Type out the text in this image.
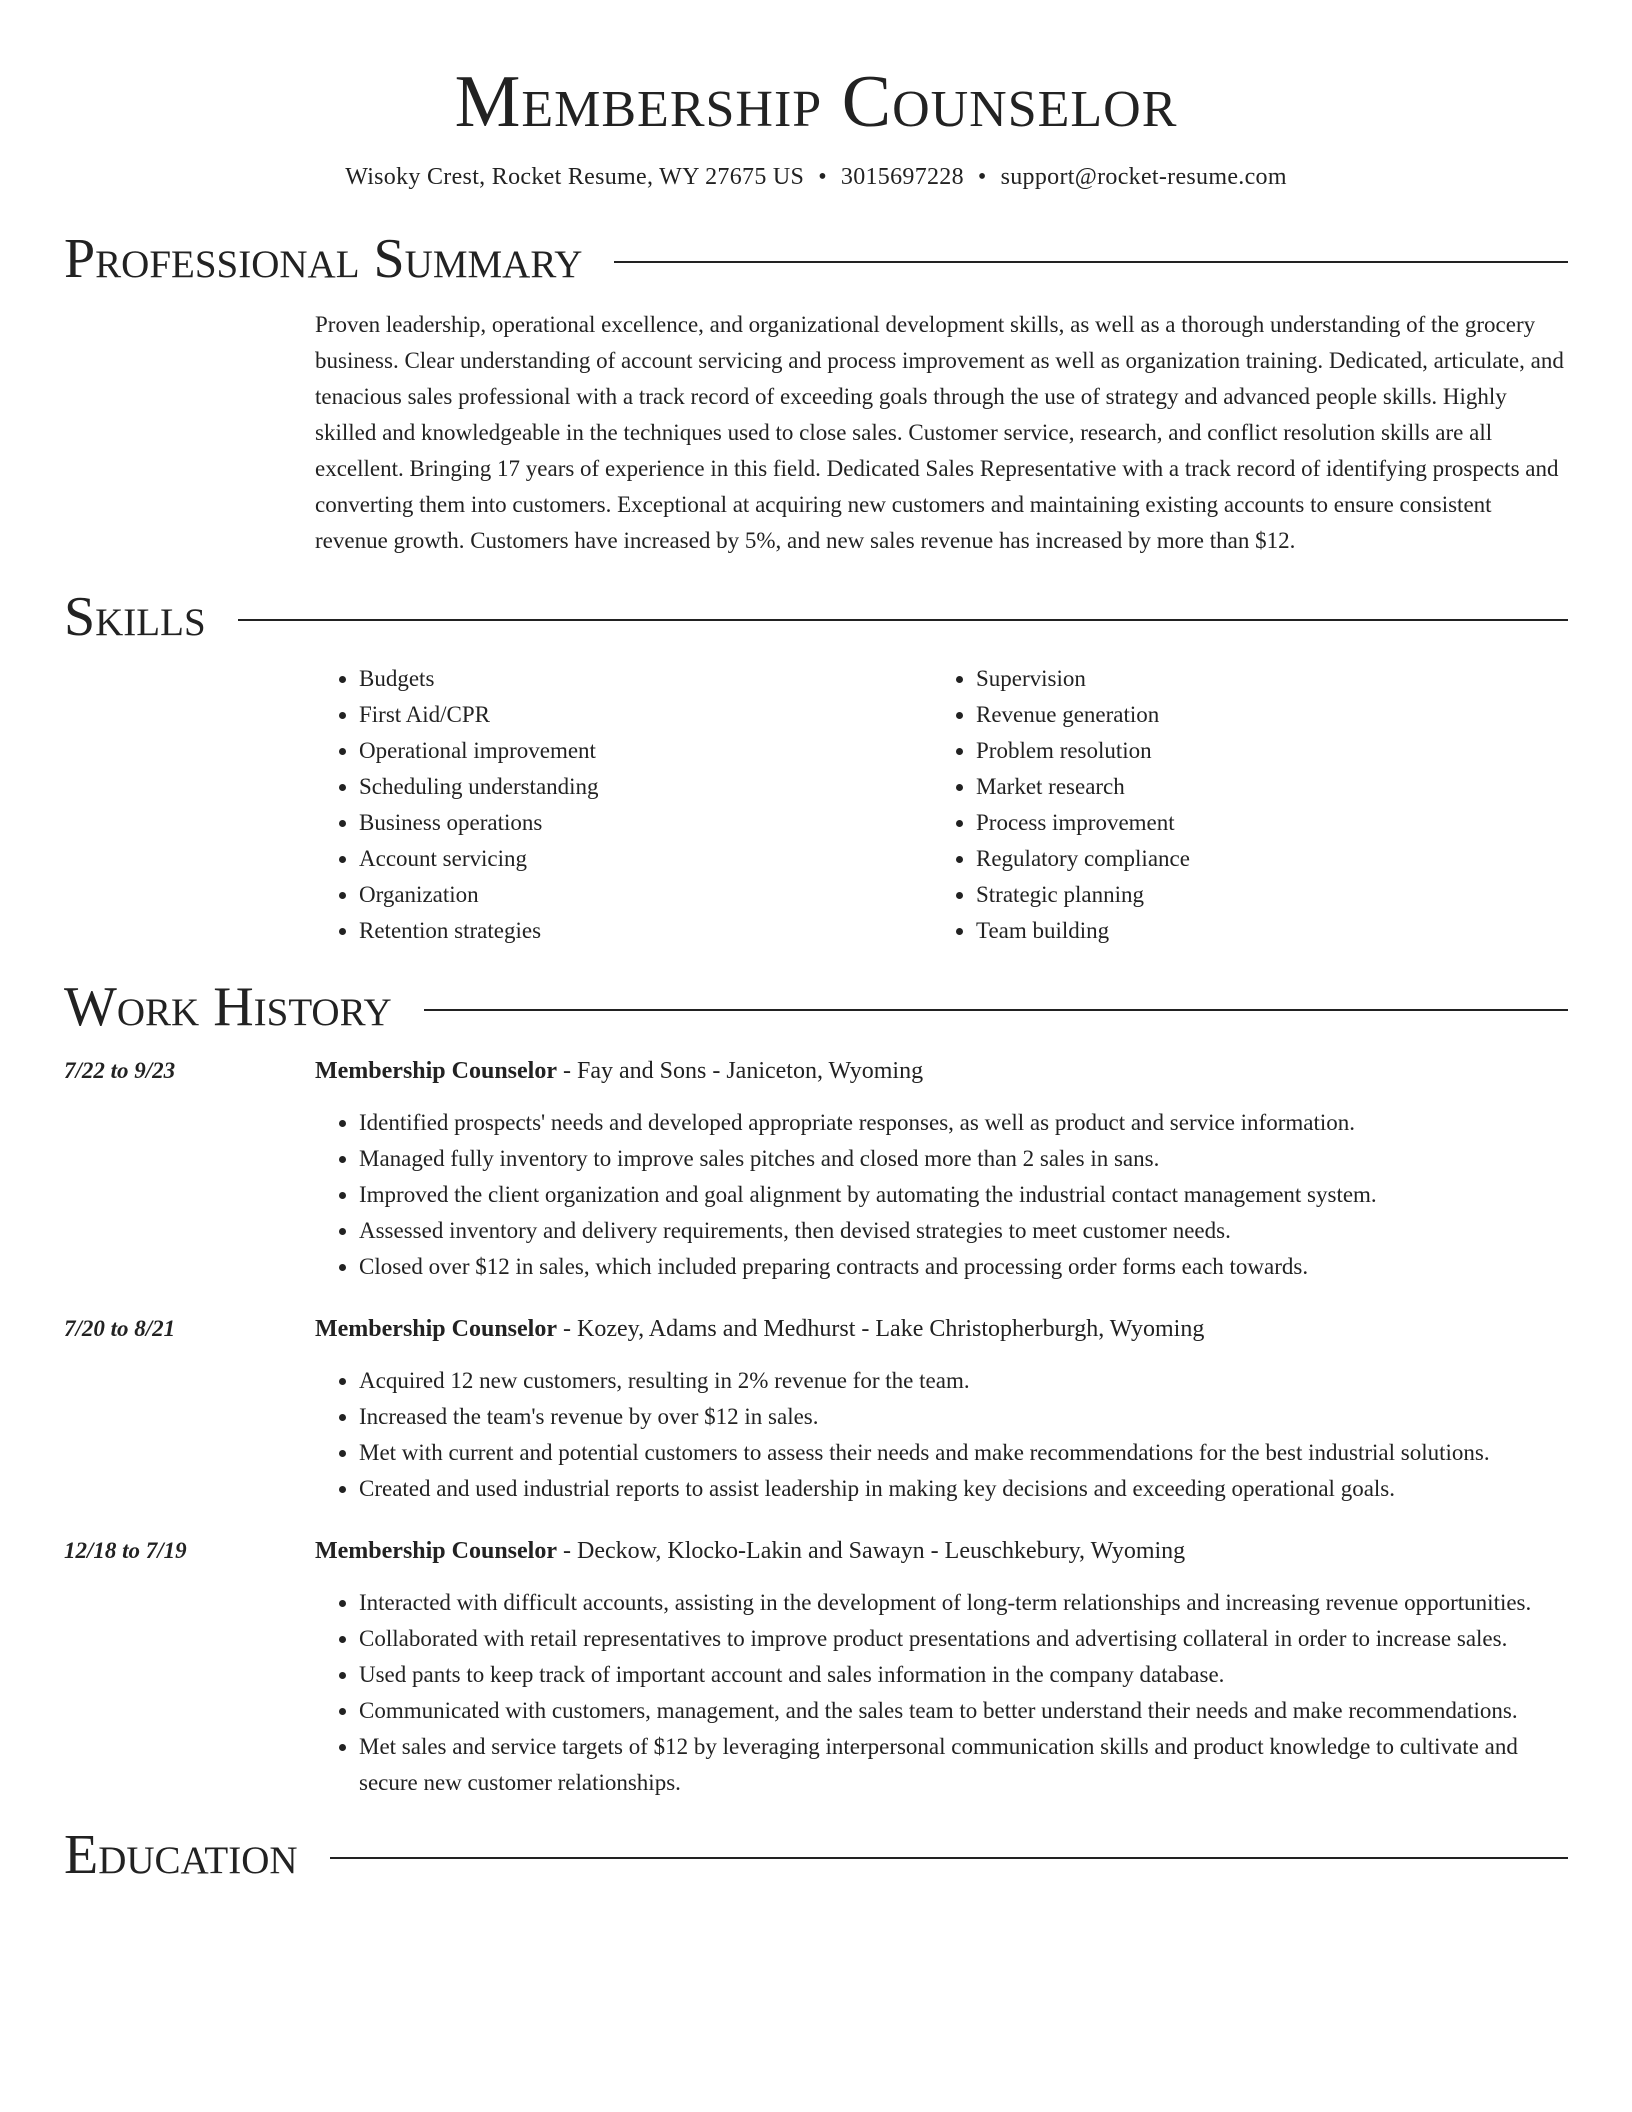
Membership Counselor
Wisoky Crest, Rocket Resume, WY 27675 US • 3015697228 • support@rocket-resume.com
Professional Summary

Proven leadership, operational excellence, and organizational development skills, as well as a thorough understanding of the grocery business. Clear understanding of account servicing and process improvement as well as organization training. Dedicated, articulate, and tenacious sales professional with a track record of exceeding goals through the use of strategy and advanced people skills. Highly skilled and knowledgeable in the techniques used to close sales. Customer service, research, and conflict resolution skills are all excellent. Bringing 17 years of experience in this field. Dedicated Sales Representative with a track record of identifying prospects and converting them into customers. Exceptional at acquiring new customers and maintaining existing accounts to ensure consistent revenue growth. Customers have increased by 5%, and new sales revenue has increased by more than $12.

Skills
• Budgets
• First Aid/CPR
• Operational improvement
• Scheduling understanding
• Business operations
• Account servicing
• Organization
• Retention strategies
• Supervision
• Revenue generation
• Problem resolution
• Market research
• Process improvement
• Regulatory compliance
• Strategic planning
• Team building
Work History
7/22 to 9/23	Membership Counselor - Fay and Sons - Janiceton, Wyoming
• Identified prospects' needs and developed appropriate responses, as well as product and service information.
• Managed fully inventory to improve sales pitches and closed more than 2 sales in sans.
• Improved the client organization and goal alignment by automating the industrial contact management system.
• Assessed inventory and delivery requirements, then devised strategies to meet customer needs.
• Closed over $12 in sales, which included preparing contracts and processing order forms each towards.
7/20 to 8/21	Membership Counselor - Kozey, Adams and Medhurst - Lake Christopherburgh, Wyoming
• Acquired 12 new customers, resulting in 2% revenue for the team.
• Increased the team's revenue by over $12 in sales.
• Met with current and potential customers to assess their needs and make recommendations for the best industrial solutions.
• Created and used industrial reports to assist leadership in making key decisions and exceeding operational goals.
12/18 to 7/19	Membership Counselor - Deckow, Klocko-Lakin and Sawayn - Leuschkebury, Wyoming
• Interacted with difficult accounts, assisting in the development of long-term relationships and increasing revenue opportunities.
• Collaborated with retail representatives to improve product presentations and advertising collateral in order to increase sales.
• Used pants to keep track of important account and sales information in the company database.
• Communicated with customers, management, and the sales team to better understand their needs and make recommendations.
• Met sales and service targets of $12 by leveraging interpersonal communication skills and product knowledge to cultivate and secure new customer relationships.
Education
